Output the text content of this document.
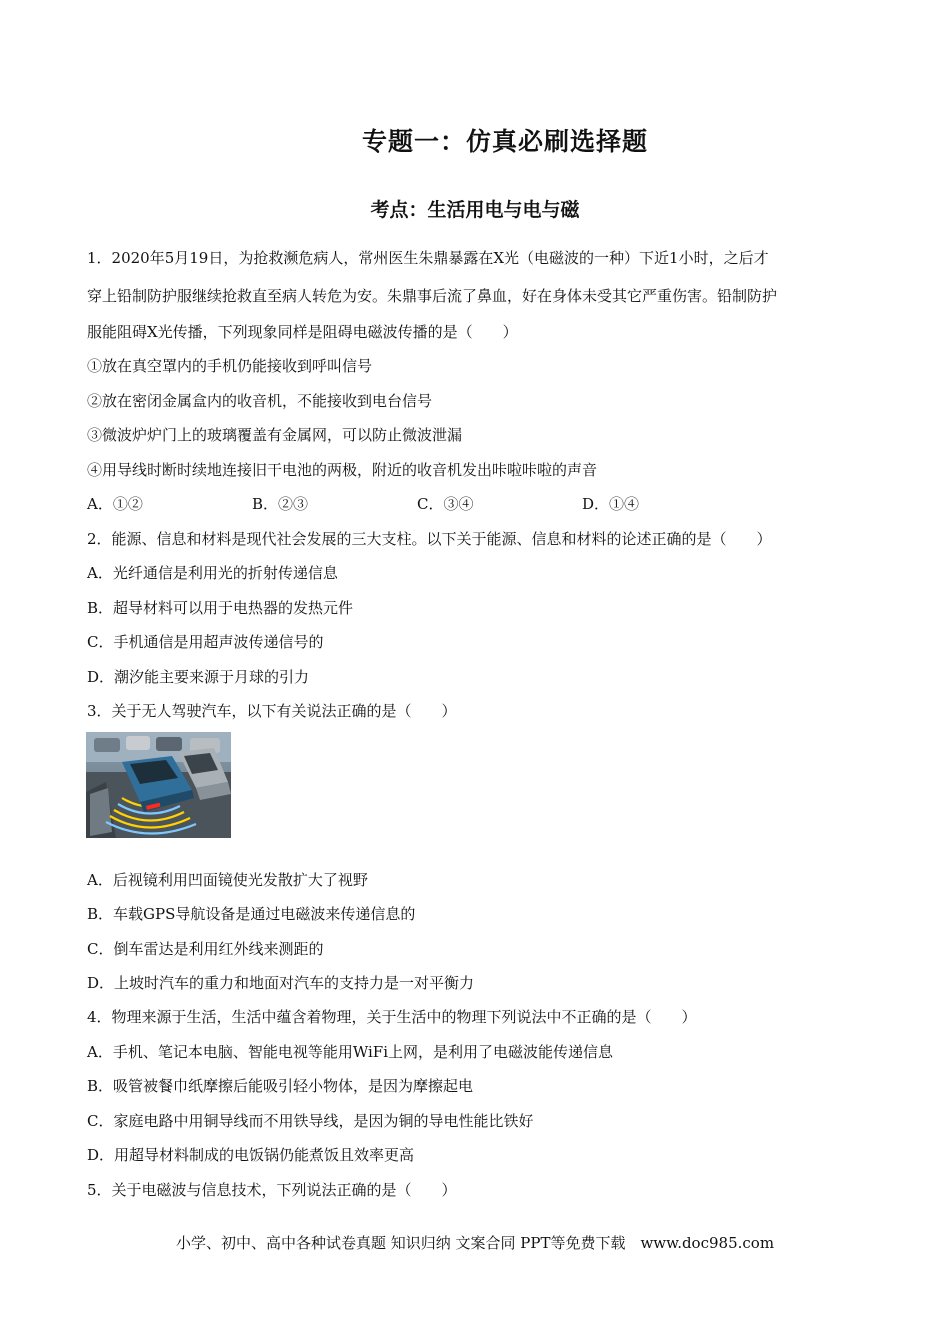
专题一：仿真必刷选择题
考点：生活用电与电与磁
1．2020年5月19日，为抢救濒危病人，常州医生朱鼎暴露在X光（电磁波的一种）下近1小时，之后才
穿上铅制防护服继续抢救直至病人转危为安。朱鼎事后流了鼻血，好在身体未受其它严重伤害。铅制防护
服能阻碍X光传播，下列现象同样是阻碍电磁波传播的是（　　）
①放在真空罩内的手机仍能接收到呼叫信号
②放在密闭金属盒内的收音机，不能接收到电台信号
③微波炉炉门上的玻璃覆盖有金属网，可以防止微波泄漏
④用导线时断时续地连接旧干电池的两极，附近的收音机发出咔啦咔啦的声音
A．①②	B．②③	C．③④	D．①④
2．能源、信息和材料是现代社会发展的三大支柱。以下关于能源、信息和材料的论述正确的是（　　）
A．光纤通信是利用光的折射传递信息
B．超导材料可以用于电热器的发热元件
C．手机通信是用超声波传递信号的
D．潮汐能主要来源于月球的引力
3．关于无人驾驶汽车，以下有关说法正确的是（　　）
A．后视镜利用凹面镜使光发散扩大了视野
B．车载GPS导航设备是通过电磁波来传递信息的
C．倒车雷达是利用红外线来测距的
D．上坡时汽车的重力和地面对汽车的支持力是一对平衡力
4．物理来源于生活，生活中蕴含着物理，关于生活中的物理下列说法中不正确的是（　　）
A．手机、笔记本电脑、智能电视等能用WiFi上网，是利用了电磁波能传递信息
B．吸管被餐巾纸摩擦后能吸引轻小物体，是因为摩擦起电
C．家庭电路中用铜导线而不用铁导线，是因为铜的导电性能比铁好
D．用超导材料制成的电饭锅仍能煮饭且效率更高
5．关于电磁波与信息技术，下列说法正确的是（　　）
小学、初中、高中各种试卷真题 知识归纳 文案合同 PPT等免费下载　www.doc985.com
